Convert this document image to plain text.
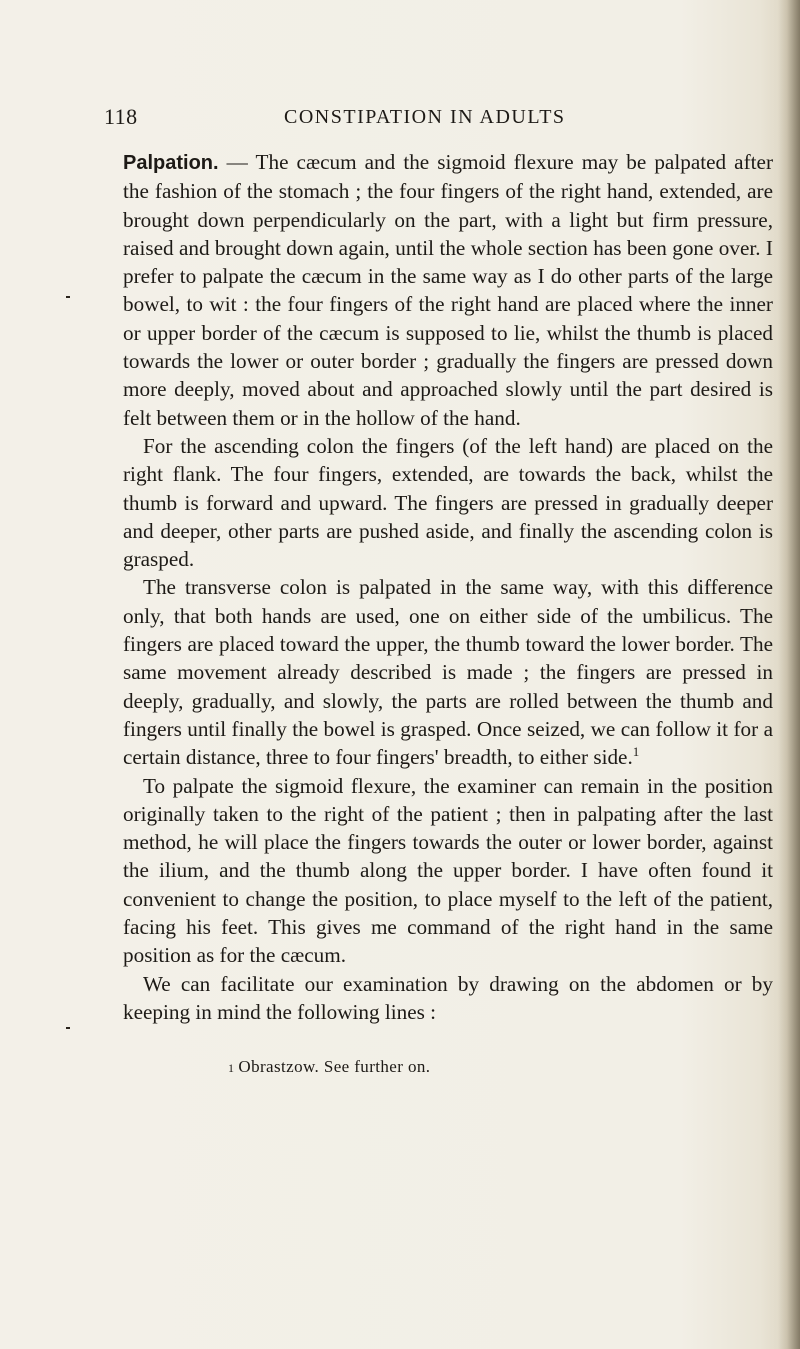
118	CONSTIPATION IN ADULTS

Palpation. — The cæcum and the sigmoid flexure may be palpated after the fashion of the stomach ; the four fingers of the right hand, extended, are brought down perpendicularly on the part, with a light but firm pressure, raised and brought down again, until the whole section has been gone over. I prefer to palpate the cæcum in the same way as I do other parts of the large bowel, to wit : the four fingers of the right hand are placed where the inner or upper border of the cæcum is supposed to lie, whilst the thumb is placed towards the lower or outer border ; gradually the fingers are pressed down more deeply, moved about and approached slowly until the part desired is felt between them or in the hollow of the hand.

For the ascending colon the fingers (of the left hand) are placed on the right flank. The four fingers, extended, are towards the back, whilst the thumb is forward and upward. The fingers are pressed in gradually deeper and deeper, other parts are pushed aside, and finally the ascending colon is grasped.

The transverse colon is palpated in the same way, with this difference only, that both hands are used, one on either side of the umbilicus. The fingers are placed toward the upper, the thumb toward the lower border. The same movement already described is made ; the fingers are pressed in deeply, gradually, and slowly, the parts are rolled between the thumb and fingers until finally the bowel is grasped. Once seized, we can follow it for a certain distance, three to four fingers' breadth, to either side.$^1$

To palpate the sigmoid flexure, the examiner can remain in the position originally taken to the right of the patient ; then in palpating after the last method, he will place the fingers towards the outer or lower border, against the ilium, and the thumb along the upper border. I have often found it convenient to change the position, to place myself to the left of the patient, facing his feet. This gives me command of the right hand in the same position as for the cæcum.

We can facilitate our examination by drawing on the abdomen or by keeping in mind the following lines :

1 Obrastzow. See further on.
